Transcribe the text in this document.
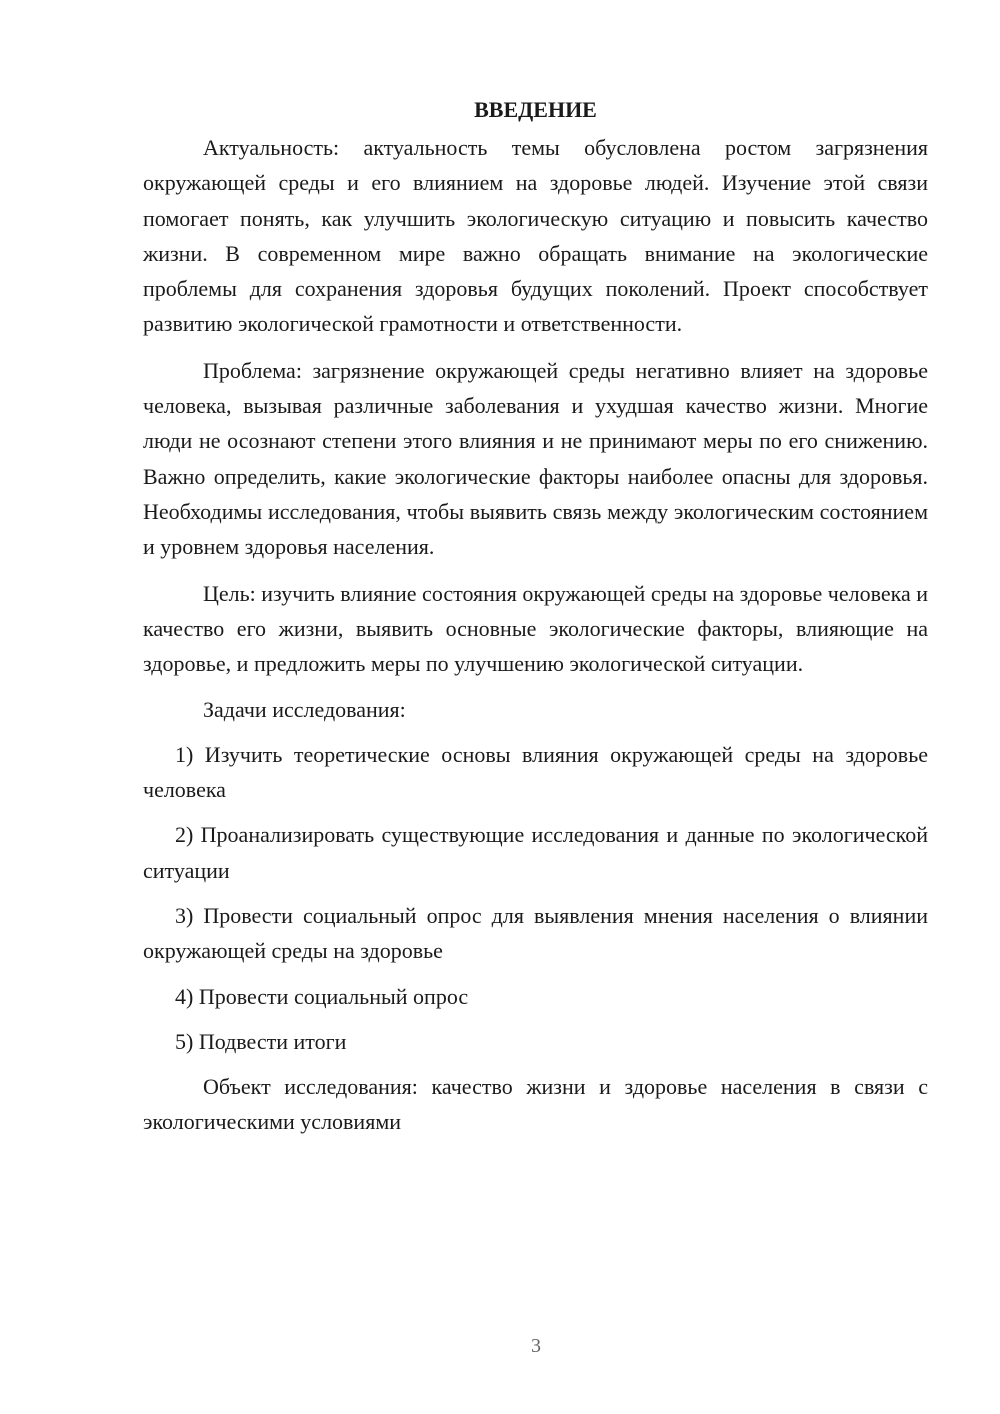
ВВЕДЕНИЕ

Актуальность: актуальность темы обусловлена ростом загрязнения окружающей среды и его влиянием на здоровье людей. Изучение этой связи помогает понять, как улучшить экологическую ситуацию и повысить качество жизни. В современном мире важно обращать внимание на экологические проблемы для сохранения здоровья будущих поколений. Проект способствует развитию экологической грамотности и ответственности.

Проблема: загрязнение окружающей среды негативно влияет на здоровье человека, вызывая различные заболевания и ухудшая качество жизни. Многие люди не осознают степени этого влияния и не принимают меры по его снижению. Важно определить, какие экологические факторы наиболее опасны для здоровья. Необходимы исследования, чтобы выявить связь между экологическим состоянием и уровнем здоровья населения.

Цель: изучить влияние состояния окружающей среды на здоровье человека и качество его жизни, выявить основные экологические факторы, влияющие на здоровье, и предложить меры по улучшению экологической ситуации.

Задачи исследования:

1) Изучить теоретические основы влияния окружающей среды на здоровье человека

2) Проанализировать существующие исследования и данные по экологической ситуации

3) Провести социальный опрос для выявления мнения населения о влиянии окружающей среды на здоровье

4) Провести социальный опрос

5) Подвести итоги

Объект исследования: качество жизни и здоровье населения в связи с экологическими условиями

3
